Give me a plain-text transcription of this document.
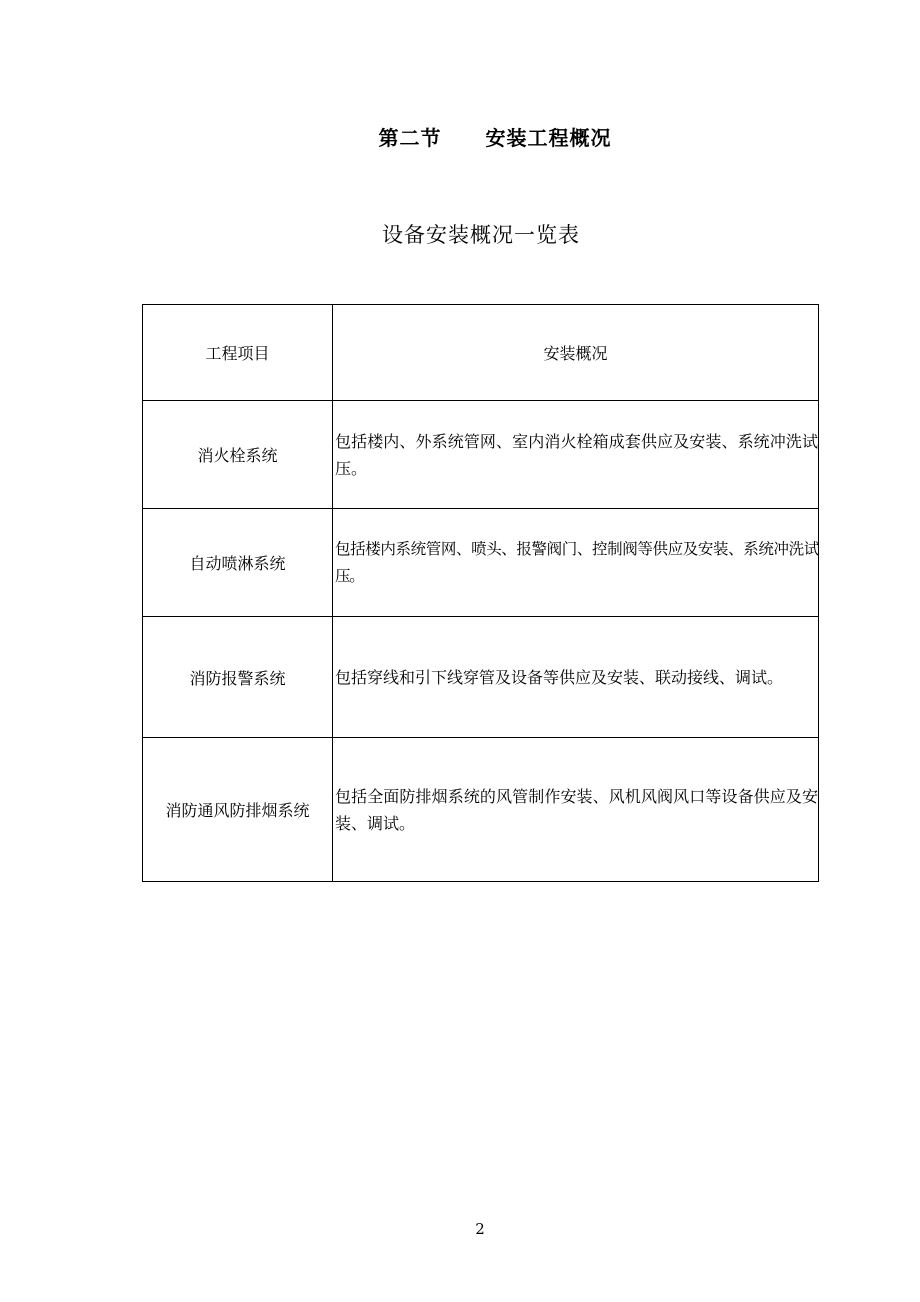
第二节 安装工程概况
设备安装概况一览表
工程项目	安装概况
消火栓系统	包括楼内、外系统管网、室内消火栓箱成套供应及安装、系统冲洗试压。
自动喷淋系统	包括楼内系统管网、喷头、报警阀门、控制阀等供应及安装、系统冲洗试压。
消防报警系统	包括穿线和引下线穿管及设备等供应及安装、联动接线、调试。
消防通风防排烟系统	包括全面防排烟系统的风管制作安装、风机风阀风口等设备供应及安装、调试。
2
